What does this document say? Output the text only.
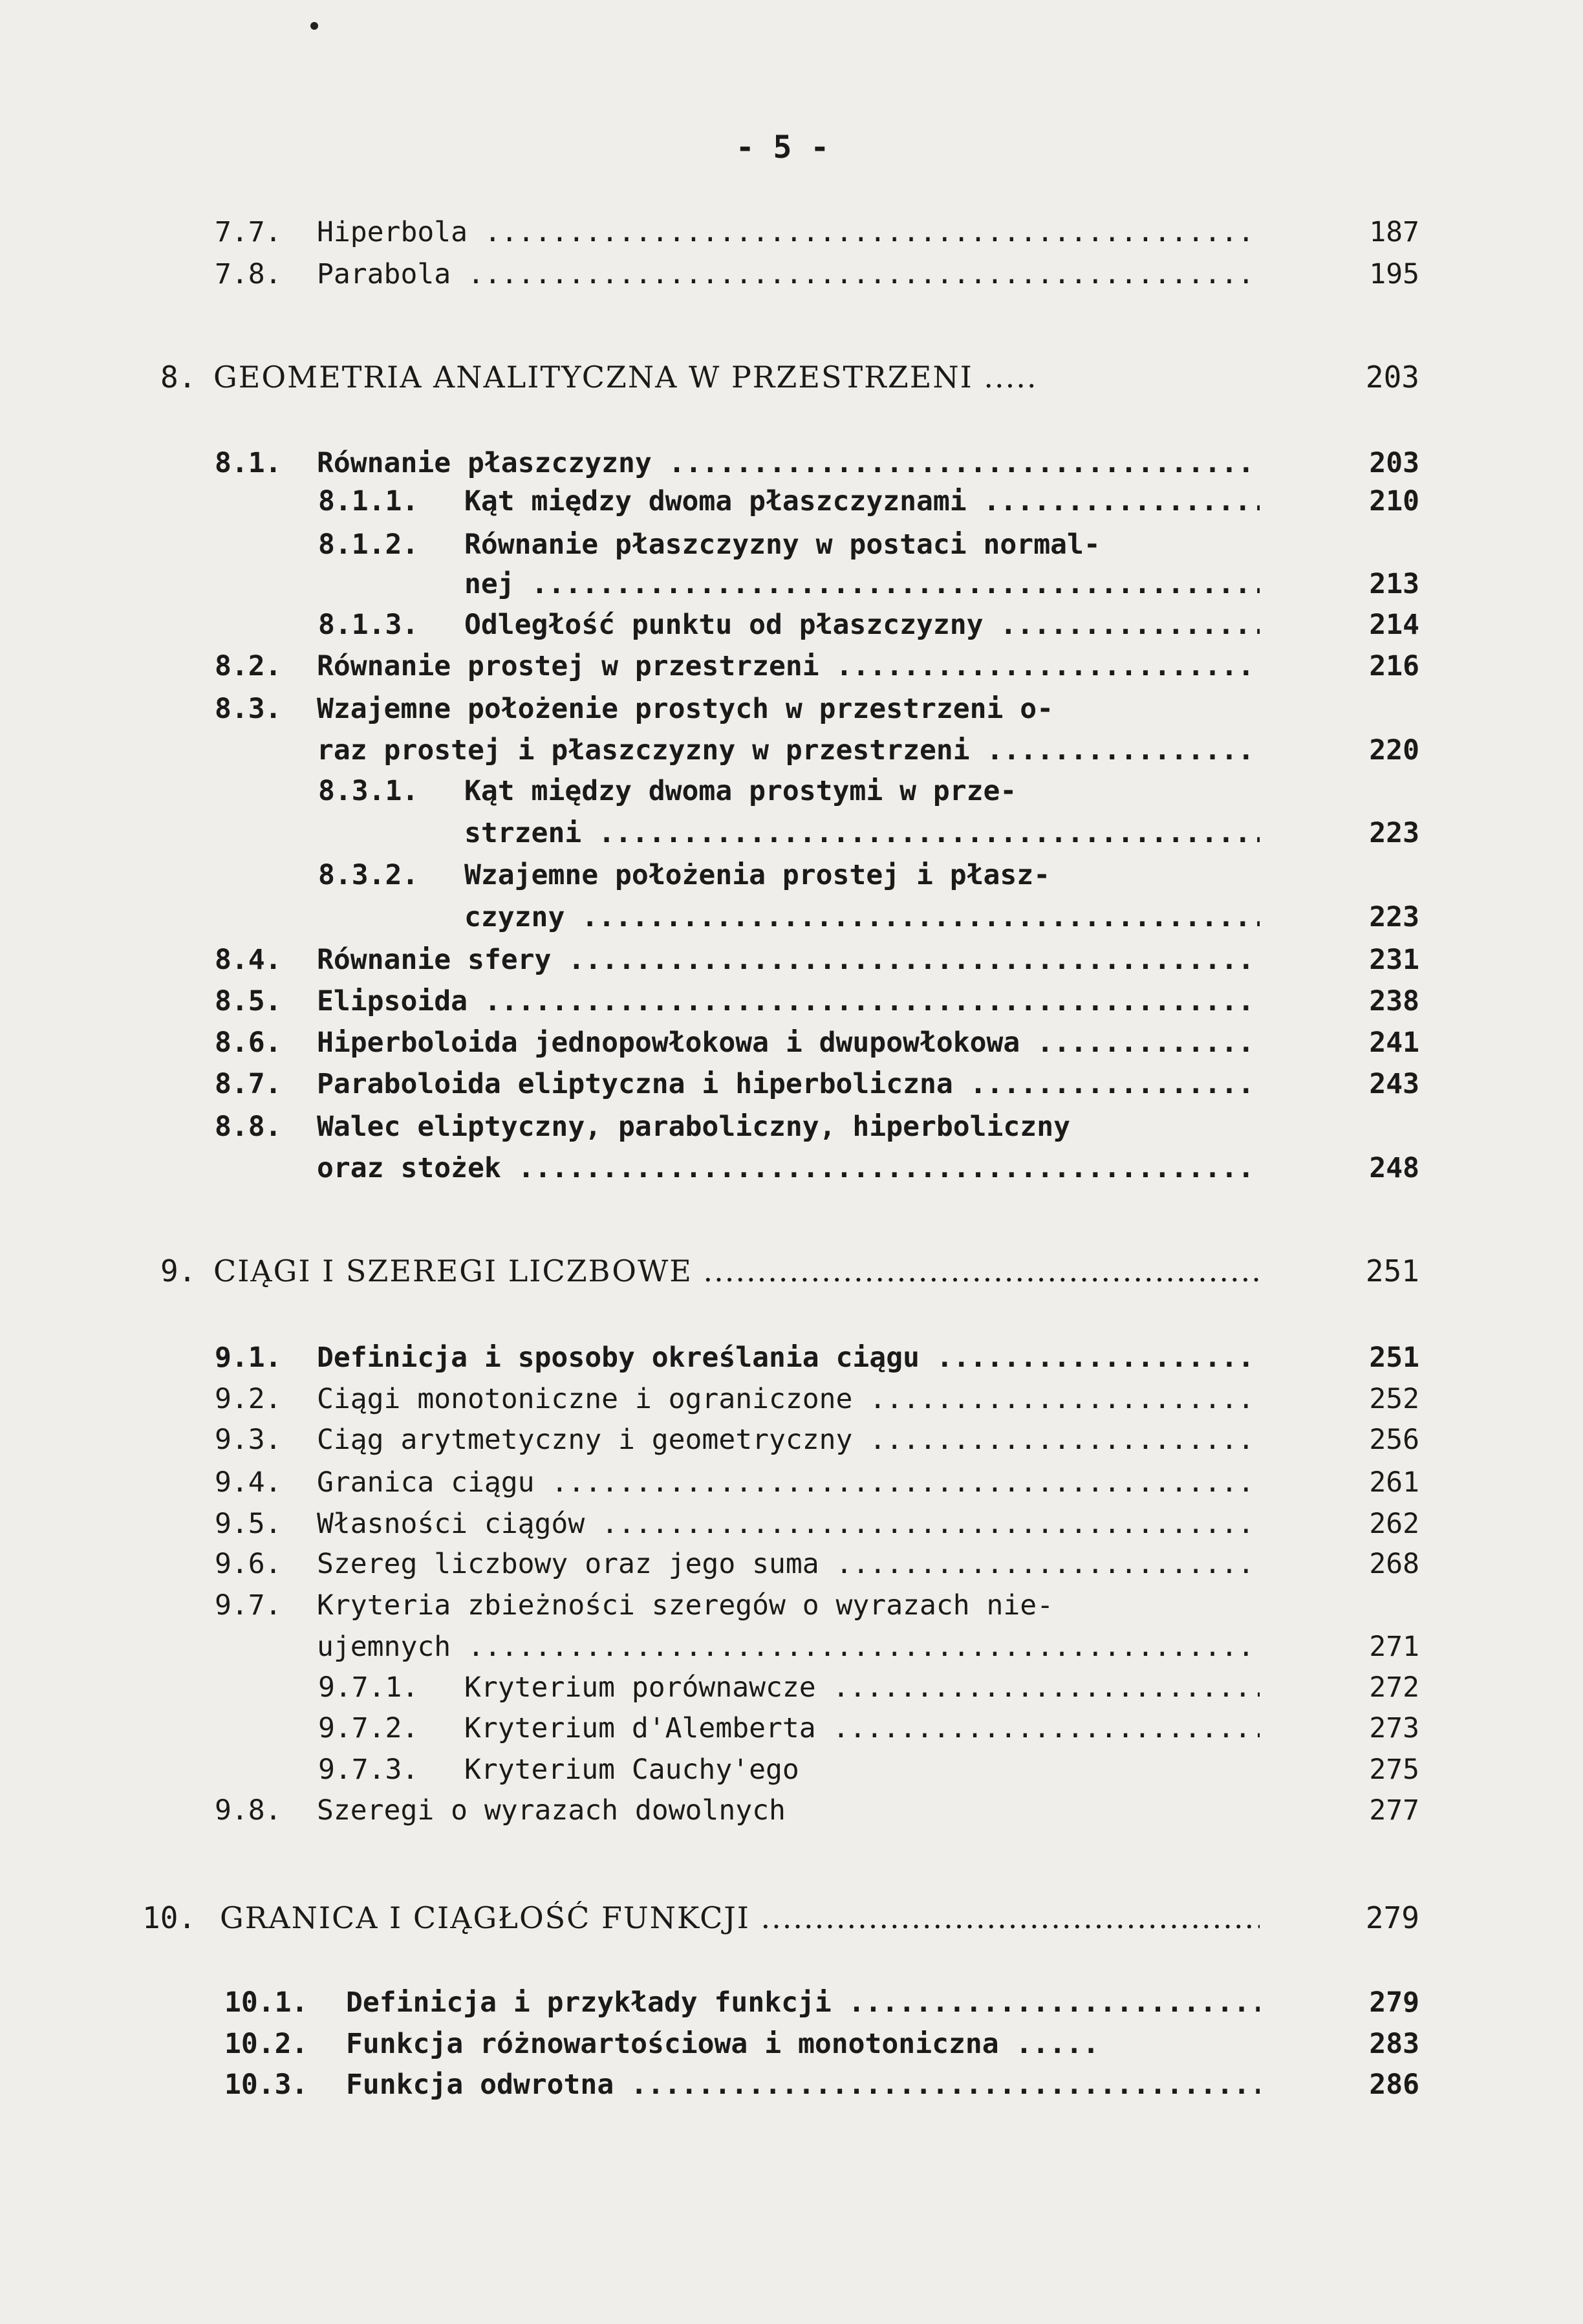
- 5 -
7.7. Hiperbola .....	187
7.8. Parabola .....	195
8. GEOMETRIA ANALITYCZNA W PRZESTRZENI .....	203
8.1. Równanie płaszczyzny .....	203
8.1.1. Kąt między dwoma płaszczyznami .....	210
8.1.2. Równanie płaszczyzny w postaci normal-
nej .....	213
8.1.3. Odległość punktu od płaszczyzny .....	214
8.2. Równanie prostej w przestrzeni .....	216
8.3. Wzajemne położenie prostych w przestrzeni o-
raz prostej i płaszczyzny w przestrzeni .....	220
8.3.1. Kąt między dwoma prostymi w prze-
strzeni .....	223
8.3.2. Wzajemne położenia prostej i płasz-
czyzny .....	223
8.4. Równanie sfery .....	231
8.5. Elipsoida .....	238
8.6. Hiperboloida jednopowłokowa i dwupowłokowa .....	241
8.7. Paraboloida eliptyczna i hiperboliczna .....	243
8.8. Walec eliptyczny, paraboliczny, hiperboliczny
oraz stożek .....	248
9. CIĄGI I SZEREGI LICZBOWE .....	251
9.1. Definicja i sposoby określania ciągu .....	251
9.2. Ciągi monotoniczne i ograniczone .....	252
9.3. Ciąg arytmetyczny i geometryczny .....	256
9.4. Granica ciągu .....	261
9.5. Własności ciągów .....	262
9.6. Szereg liczbowy oraz jego suma .....	268
9.7. Kryteria zbieżności szeregów o wyrazach nie-
ujemnych .....	271
9.7.1. Kryterium porównawcze .....	272
9.7.2. Kryterium d'Alemberta .....	273
9.7.3. Kryterium Cauchy'ego	275
9.8. Szeregi o wyrazach dowolnych	277
10. GRANICA I CIĄGŁOŚĆ FUNKCJI .....	279
10.1. Definicja i przykłady funkcji .....	279
10.2. Funkcja różnowartościowa i monotoniczna .....	283
10.3. Funkcja odwrotna .....	286
